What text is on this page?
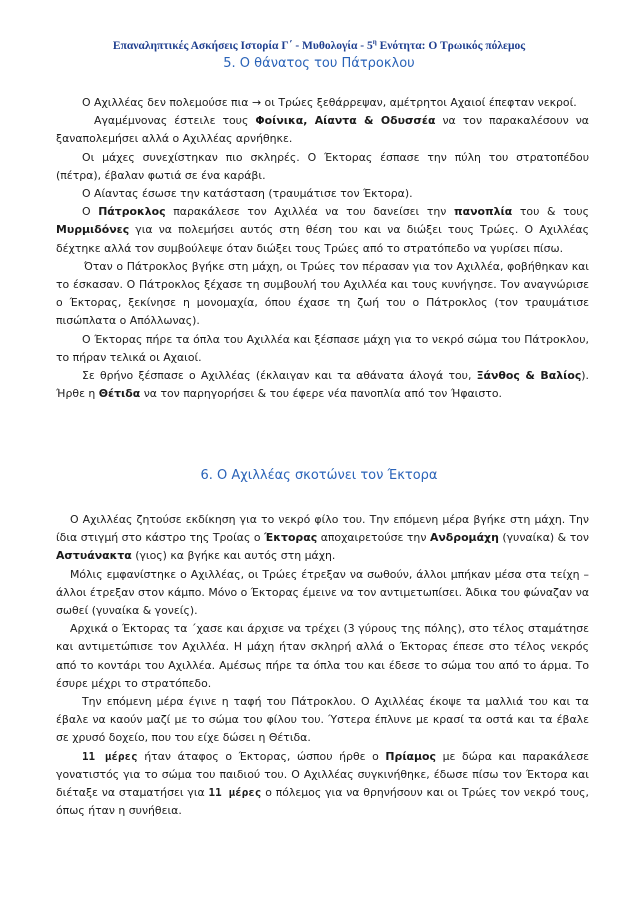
Επαναληπτικές Ασκήσεις Ιστορία Γ΄ - Μυθολογία - $5^\eta$ Ενότητα: Ο Τρωικός πόλεμος
5. Ο θάνατος του Πάτροκλου

Ο Αχιλλέας δεν πολεμούσε πια → οι Τρώες ξεθάρρεψαν, αμέτρητοι Αχαιοί έπεφταν νεκροί.

Αγαμέμνονας έστειλε τους Φοίνικα, Αίαντα & Οδυσσέα να τον παρακαλέσουν να ξαναπολεμήσει αλλά ο Αχιλλέας αρνήθηκε.

Οι μάχες συνεχίστηκαν πιο σκληρές. Ο Έκτορας έσπασε την πύλη του στρατοπέδου (πέτρα), έβαλαν φωτιά σε ένα καράβι.

Ο Αίαντας έσωσε την κατάσταση (τραυμάτισε τον Έκτορα).

Ο Πάτροκλος παρακάλεσε τον Αχιλλέα να του δανείσει την πανοπλία του & τους Μυρμιδόνες για να πολεμήσει αυτός στη θέση του και να διώξει τους Τρώες. Ο Αχιλλέας δέχτηκε αλλά τον συμβούλεψε όταν διώξει τους Τρώες από το στρατόπεδο να γυρίσει πίσω.

Όταν ο Πάτροκλος βγήκε στη μάχη, οι Τρώες τον πέρασαν για τον Αχιλλέα, φοβήθηκαν και το έσκασαν. Ο Πάτροκλος ξέχασε τη συμβουλή του Αχιλλέα και τους κυνήγησε. Τον αναγνώρισε ο Έκτορας, ξεκίνησε η μονομαχία, όπου έχασε τη ζωή του ο Πάτροκλος (τον τραυμάτισε πισώπλατα ο Απόλλωνας).

Ο Έκτορας πήρε τα όπλα του Αχιλλέα και ξέσπασε μάχη για το νεκρό σώμα του Πάτροκλου, το πήραν τελικά οι Αχαιοί.

Σε θρήνο ξέσπασε ο Αχιλλέας (έκλαιγαν και τα αθάνατα άλογά του, Ξάνθος & Βαλίος). Ήρθε η Θέτιδα να τον παρηγορήσει & του έφερε νέα πανοπλία από τον Ήφαιστο.

6. Ο Αχιλλέας σκοτώνει τον Έκτορα

Ο Αχιλλέας ζητούσε εκδίκηση για το νεκρό φίλο του. Την επόμενη μέρα βγήκε στη μάχη. Την ίδια στιγμή στο κάστρο της Τροίας ο Έκτορας αποχαιρετούσε την Ανδρομάχη (γυναίκα) & τον Αστυάνακτα (γιος) κα βγήκε και αυτός στη μάχη.

Μόλις εμφανίστηκε ο Αχιλλέας, οι Τρώες έτρεξαν να σωθούν, άλλοι μπήκαν μέσα στα τείχη – άλλοι έτρεξαν στον κάμπο. Μόνο ο Έκτορας έμεινε να τον αντιμετωπίσει. Άδικα του φώναζαν να σωθεί (γυναίκα & γονείς).

Αρχικά ο Έκτορας τα ΄χασε και άρχισε να τρέχει (3 γύρους της πόλης), στο τέλος σταμάτησε και αντιμετώπισε τον Αχιλλέα. Η μάχη ήταν σκληρή αλλά ο Έκτορας έπεσε στο τέλος νεκρός από το κοντάρι του Αχιλλέα. Αμέσως πήρε τα όπλα του και έδεσε το σώμα του από το άρμα. Το έσυρε μέχρι το στρατόπεδο.

Την επόμενη μέρα έγινε η ταφή του Πάτροκλου. Ο Αχιλλέας έκοψε τα μαλλιά του και τα έβαλε να καούν μαζί με το σώμα του φίλου του. Ύστερα έπλυνε με κρασί τα οστά και τα έβαλε σε χρυσό δοχείο, που του είχε δώσει η Θέτιδα.

11 μέρες ήταν άταφος ο Έκτορας, ώσπου ήρθε ο Πρίαμος με δώρα και παρακάλεσε γονατιστός για το σώμα του παιδιού του. Ο Αχιλλέας συγκινήθηκε, έδωσε πίσω τον Έκτορα και διέταξε να σταματήσει για 11 μέρες ο πόλεμος για να θρηνήσουν και οι Τρώες τον νεκρό τους, όπως ήταν η συνήθεια.
